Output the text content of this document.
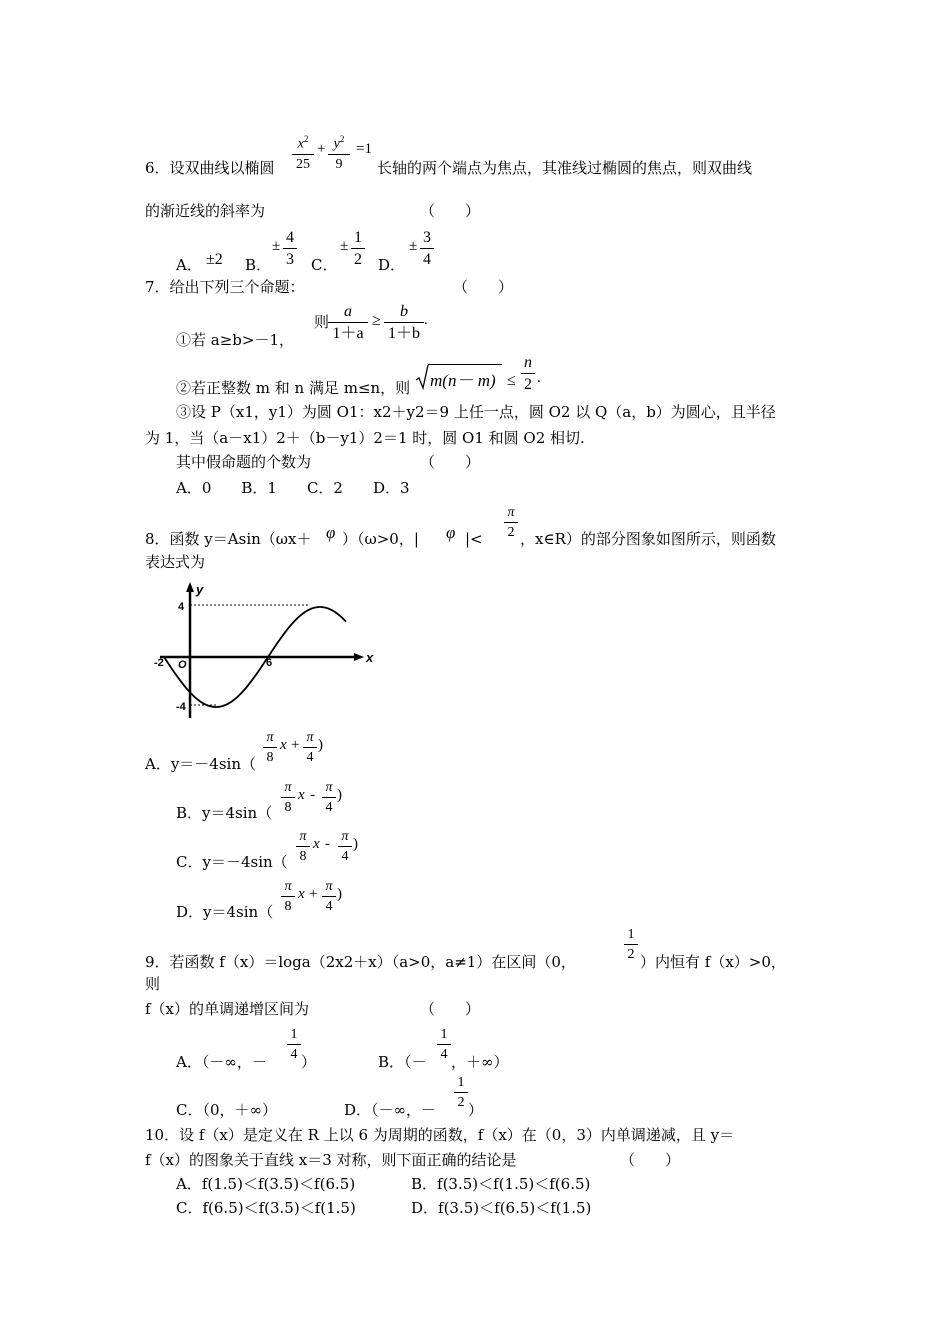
$x^2$
25
+ $y^2$
9
=1
6．设双曲线以椭圆	长轴的两个端点为焦点，其准线过椭圆的焦点，则双曲线
的渐近线的斜率为	（　　）
A． ±2 B．
± 4
3 C．
± 1
2 D．
± 3
4
7．给出下列三个命题：	（　　）
①若 a≥b>－1，
则
a
1＋a
≥
b
1＋b
.
②若正整数 m 和 n 满足 m≤n，则 m(n－ m) ≤
n
2 .
③设 P（x1，y1）为圆 O1：x2＋y2＝9 上任一点，圆 O2 以 Q（a，b）为圆心，且半径
为 1，当（a－x1）2＋（b－y1）2＝1 时，圆 O1 和圆 O2 相切.
其中假命题的个数为	（　　）
A．0　　B．1　　C．2　　D．3
8．函数 y＝Asin（ωx＋ φ ）（ω>0，| φ |<
π
2 ，x∈R）的部分图象如图所示，则函数
表达式为
y
x
O
4
-4
-2	6
A．y＝－4sin（
π
8
x + π
4
)
B．y＝4sin（
π
8
x - π
4
)
C．y＝－4sin（
π
8
x - π
4
)
D．y＝4sin（
π
8
x + π
4
)
9．若函数 f（x）＝loga（2x2＋x）（a>0，a≠1）在区间（0，
1
2 ）内恒有 f（x）>0，
则
f（x）的单调递增区间为	（　　）
A．（－∞，－
1
4 ）	B．（－
1
4 ，＋∞）
C．（0，＋∞）	D．（－∞，－
1
2 ）
10．设 f（x）是定义在 R 上以 6 为周期的函数，f（x）在（0，3）内单调递减，且 y＝
f（x）的图象关于直线 x＝3 对称，则下面正确的结论是	（　　）
A．f(1.5)＜f(3.5)＜f(6.5)	B．f(3.5)＜f(1.5)＜f(6.5)
C．f(6.5)＜f(3.5)＜f(1.5)	D．f(3.5)＜f(6.5)＜f(1.5)
